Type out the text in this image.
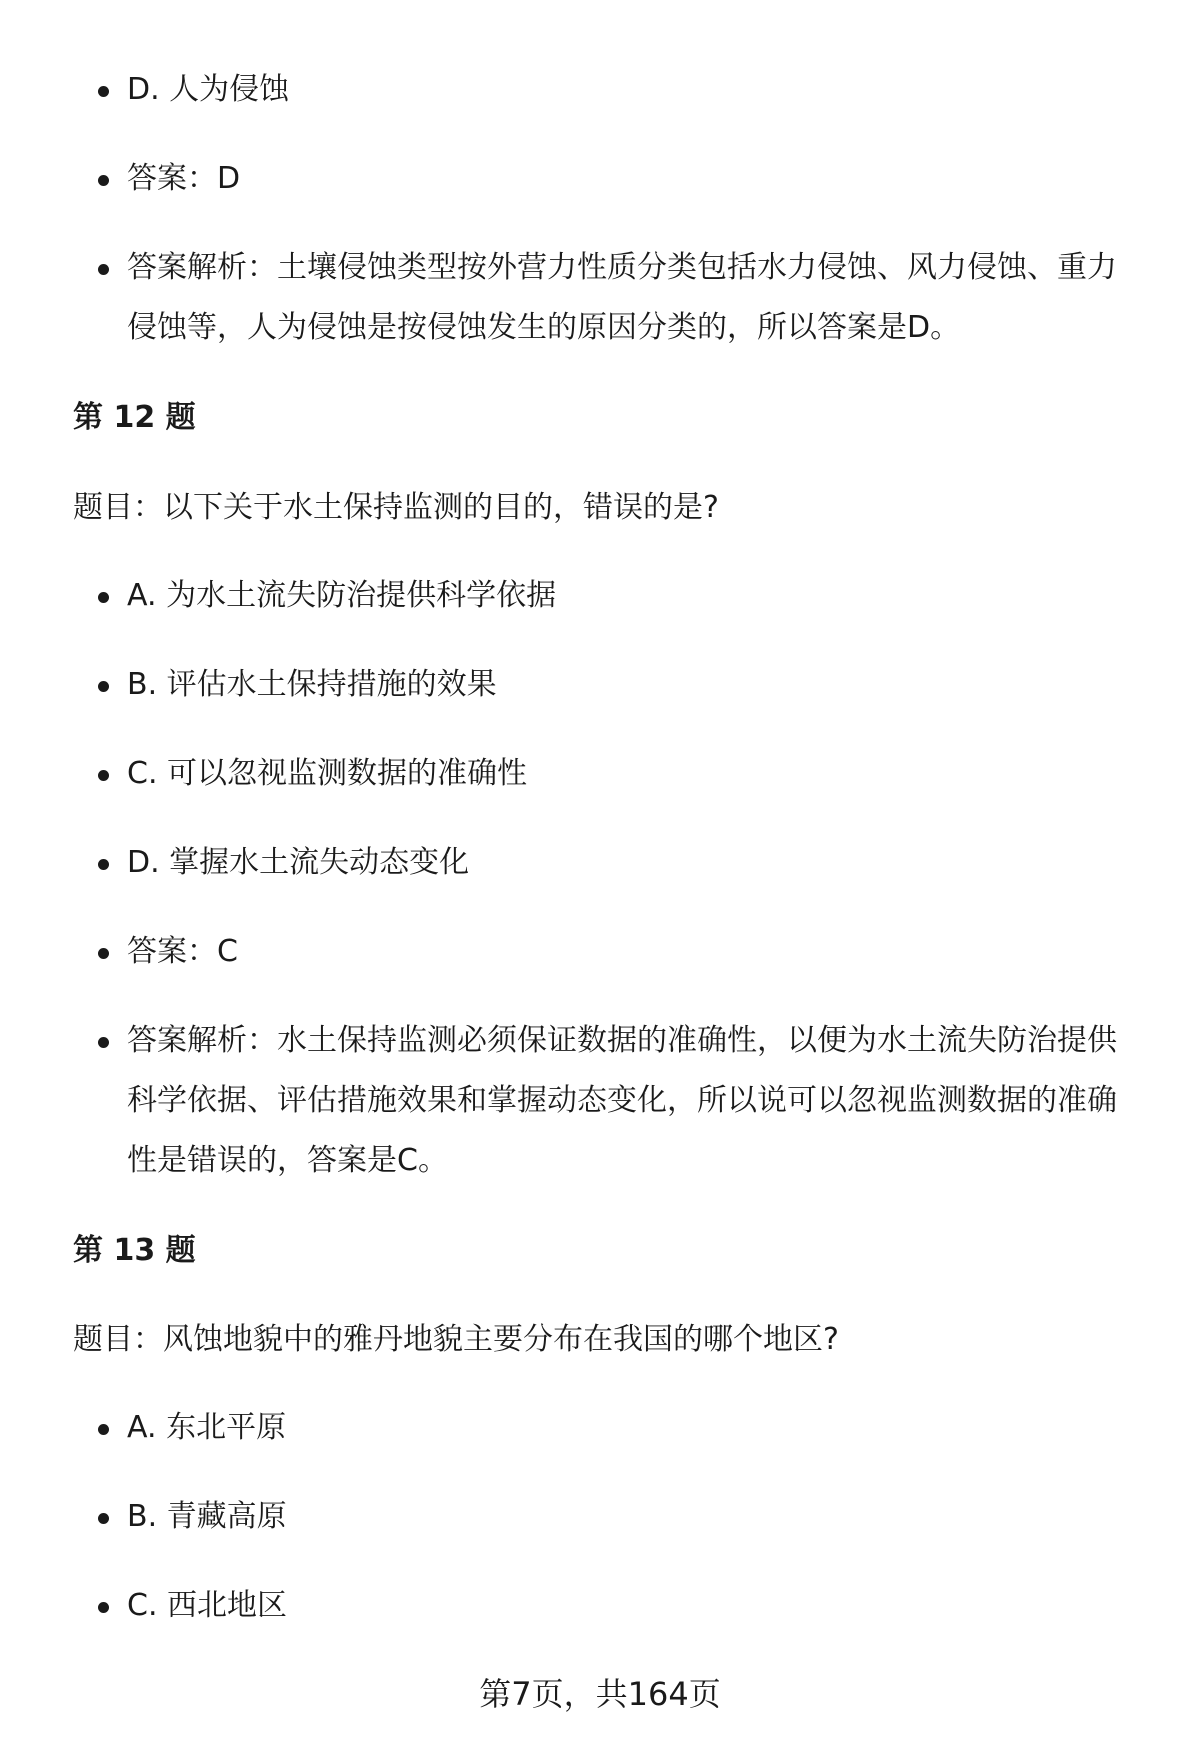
D. 人为侵蚀
答案：D
答案解析：土壤侵蚀类型按外营力性质分类包括水力侵蚀、风力侵蚀、重力侵蚀等，人为侵蚀是按侵蚀发生的原因分类的，所以答案是D。
第 12 题

题目：以下关于水土保持监测的目的，错误的是?

A. 为水土流失防治提供科学依据
B. 评估水土保持措施的效果
C. 可以忽视监测数据的准确性
D. 掌握水土流失动态变化
答案：C
答案解析：水土保持监测必须保证数据的准确性，以便为水土流失防治提供科学依据、评估措施效果和掌握动态变化，所以说可以忽视监测数据的准确性是错误的，答案是C。
第 13 题

题目：风蚀地貌中的雅丹地貌主要分布在我国的哪个地区?

A. 东北平原
B. 青藏高原
C. 西北地区
第7页，共164页
